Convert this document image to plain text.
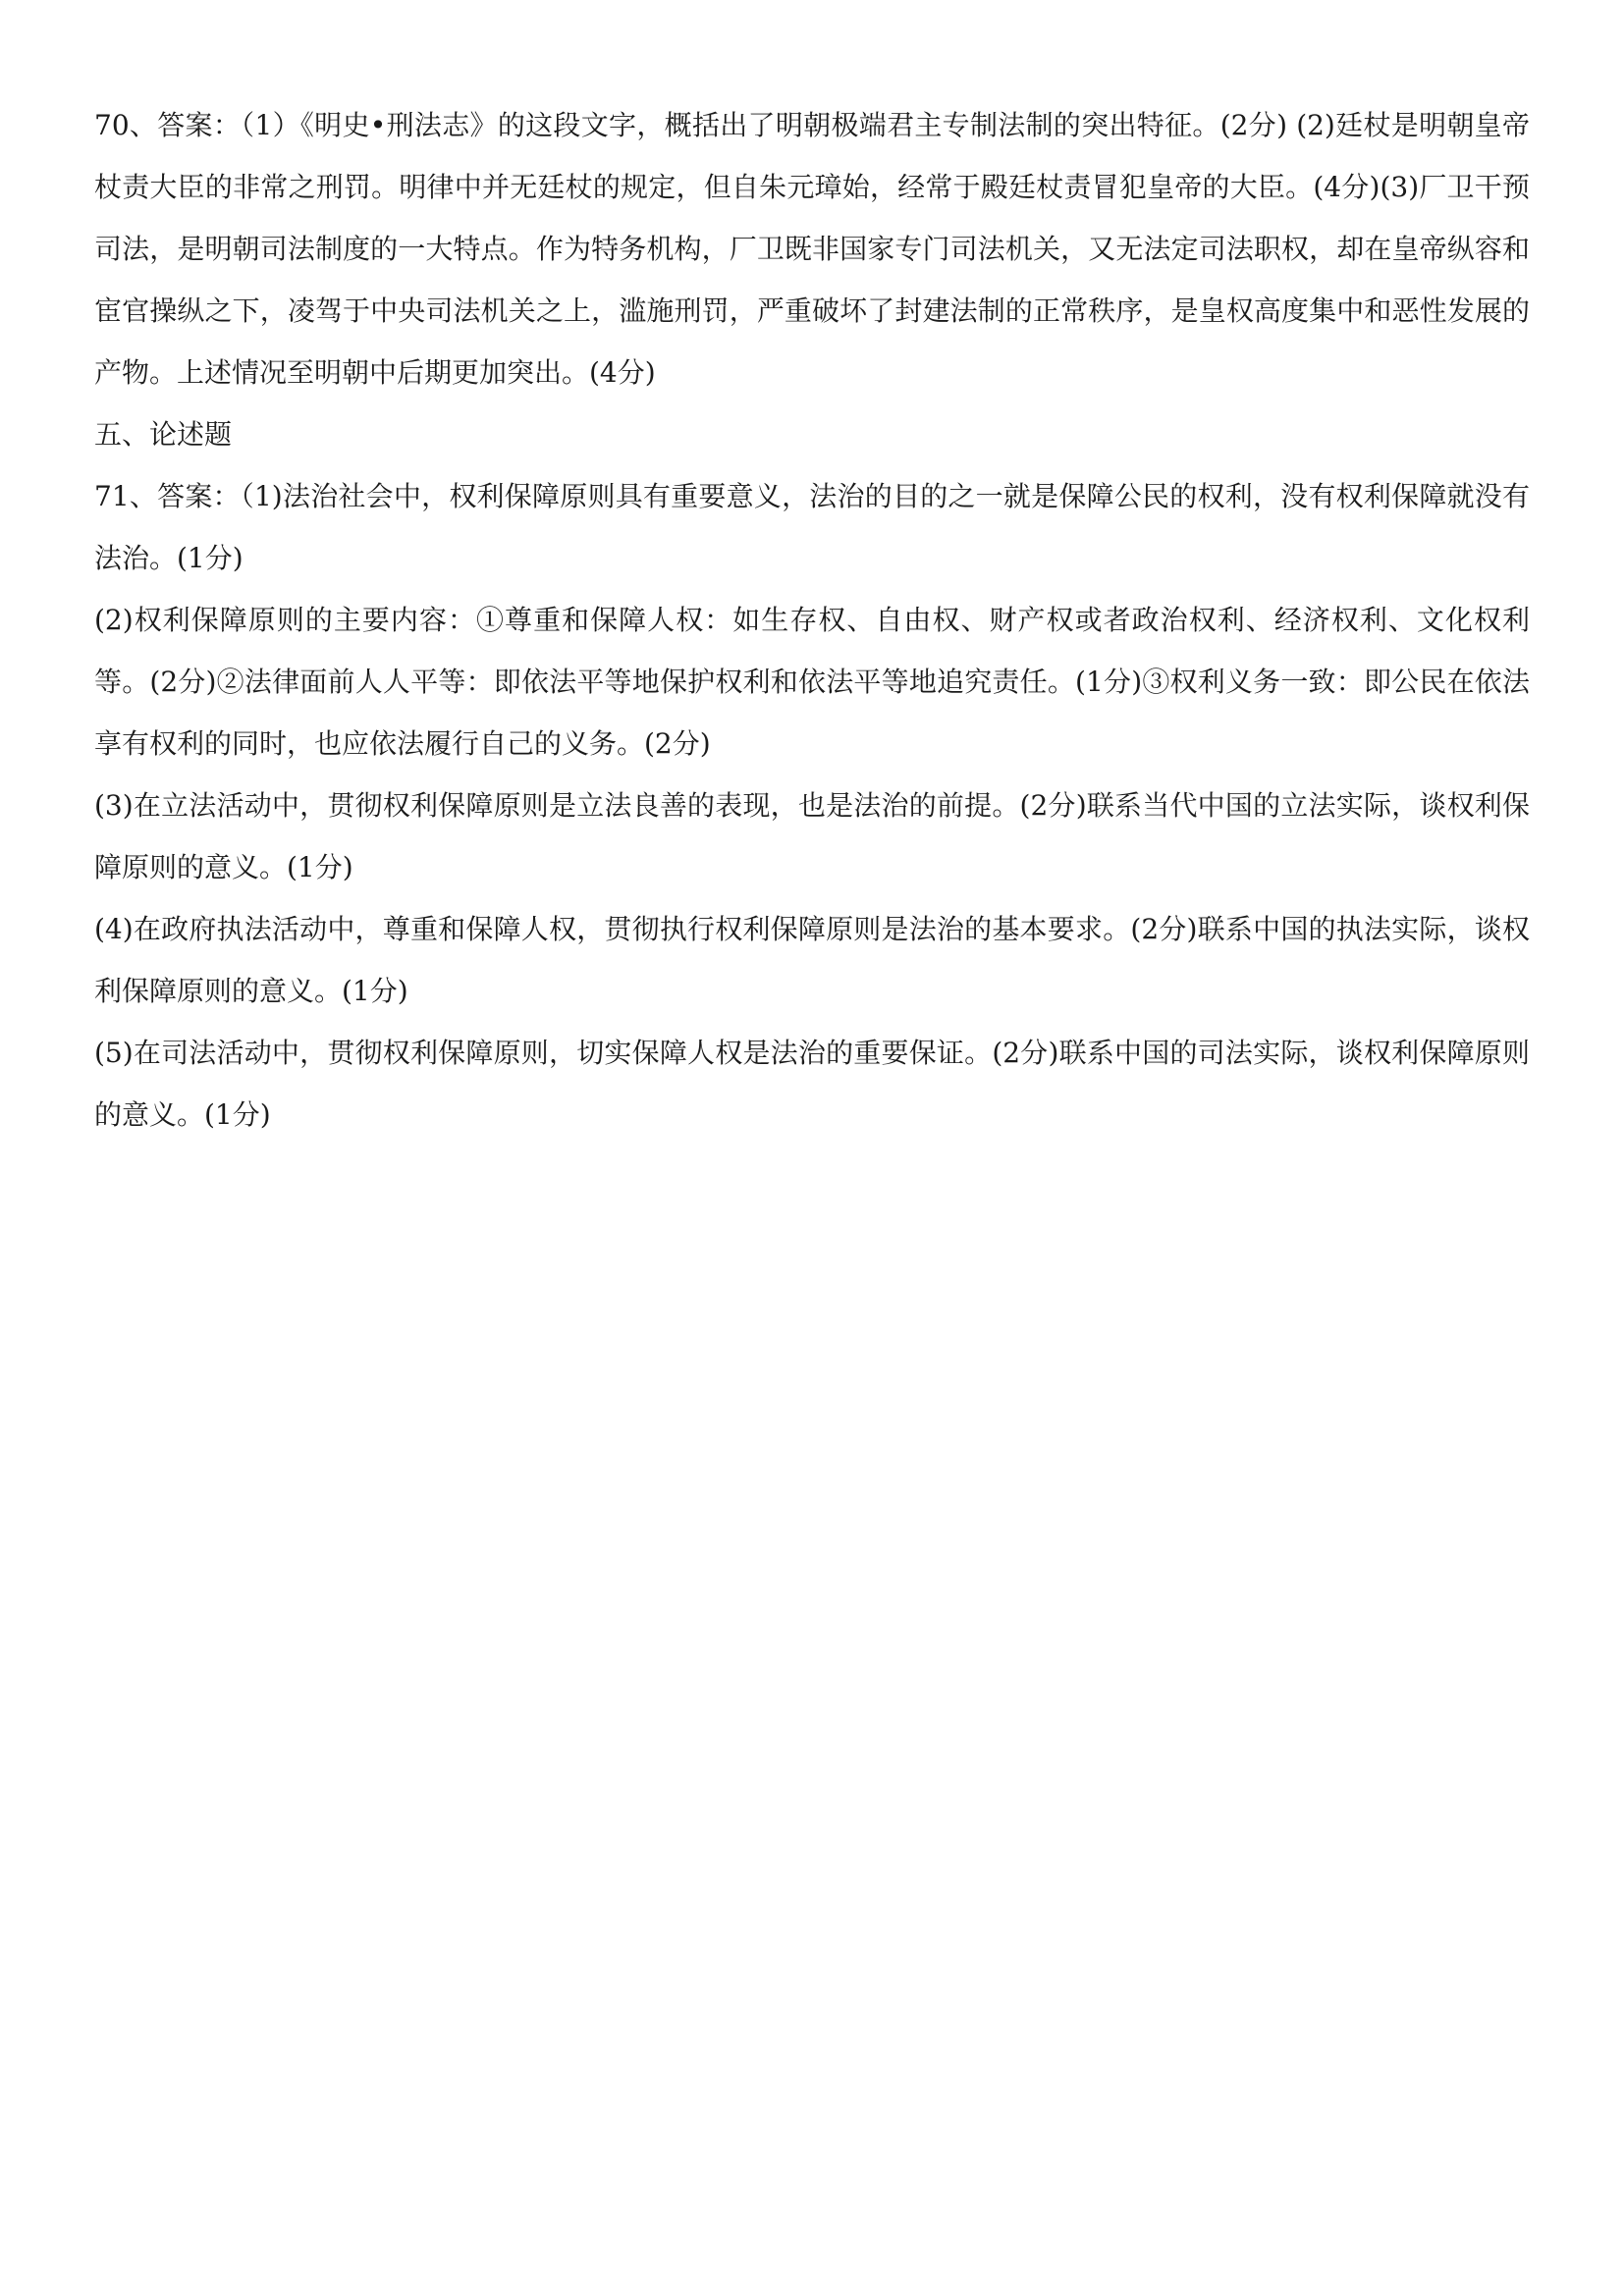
70、答案：（1）《明史•刑法志》的这段文字，概括出了明朝极端君主专制法制的突出特征。(2分) (2)廷杖是明朝皇帝杖责大臣的非常之刑罚。明律中并无廷杖的规定，但自朱元璋始，经常于殿廷杖责冒犯皇帝的大臣。(4分)(3)厂卫干预司法，是明朝司法制度的一大特点。作为特务机构，厂卫既非国家专门司法机关，又无法定司法职权，却在皇帝纵容和宦官操纵之下，凌驾于中央司法机关之上，滥施刑罚，严重破坏了封建法制的正常秩序，是皇权高度集中和恶性发展的产物。上述情况至明朝中后期更加突出。(4分)

五、论述题

71、答案：（1)法治社会中，权利保障原则具有重要意义，法治的目的之一就是保障公民的权利，没有权利保障就没有法治。(1分)

(2)权利保障原则的主要内容：①尊重和保障人权：如生存权、自由权、财产权或者政治权利、经济权利、文化权利等。(2分)②法律面前人人平等：即依法平等地保护权利和依法平等地追究责任。(1分)③权利义务一致：即公民在依法享有权利的同时，也应依法履行自己的义务。(2分)

(3)在立法活动中，贯彻权利保障原则是立法良善的表现，也是法治的前提。(2分)联系当代中国的立法实际，谈权利保障原则的意义。(1分)

(4)在政府执法活动中，尊重和保障人权，贯彻执行权利保障原则是法治的基本要求。(2分)联系中国的执法实际，谈权利保障原则的意义。(1分)

(5)在司法活动中，贯彻权利保障原则，切实保障人权是法治的重要保证。(2分)联系中国的司法实际，谈权利保障原则的意义。(1分)
